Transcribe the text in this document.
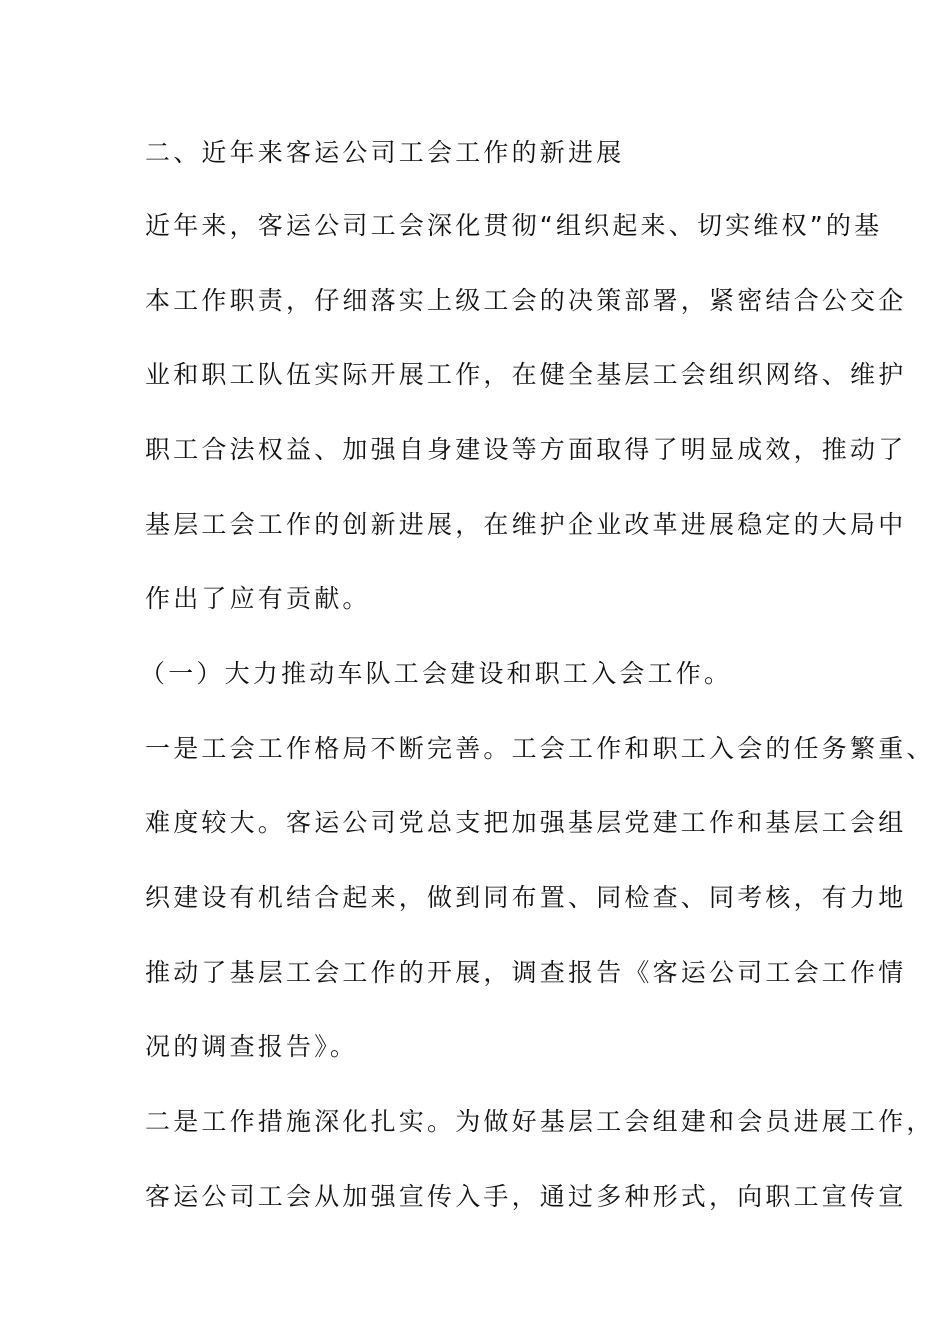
二、近年来客运公司工会工作的新进展
近年来，客运公司工会深化贯彻“组织起来、切实维权”的基
本工作职责，仔细落实上级工会的决策部署，紧密结合公交企
业和职工队伍实际开展工作，在健全基层工会组织网络、维护
职工合法权益、加强自身建设等方面取得了明显成效，推动了
基层工会工作的创新进展，在维护企业改革进展稳定的大局中
作出了应有贡献。
（一）大力推动车队工会建设和职工入会工作。
一是工会工作格局不断完善。工会工作和职工入会的任务繁重、
难度较大。客运公司党总支把加强基层党建工作和基层工会组
织建设有机结合起来，做到同布置、同检查、同考核，有力地
推动了基层工会工作的开展，调查报告《客运公司工会工作情
况的调查报告》。
二是工作措施深化扎实。为做好基层工会组建和会员进展工作，
客运公司工会从加强宣传入手，通过多种形式，向职工宣传宣
